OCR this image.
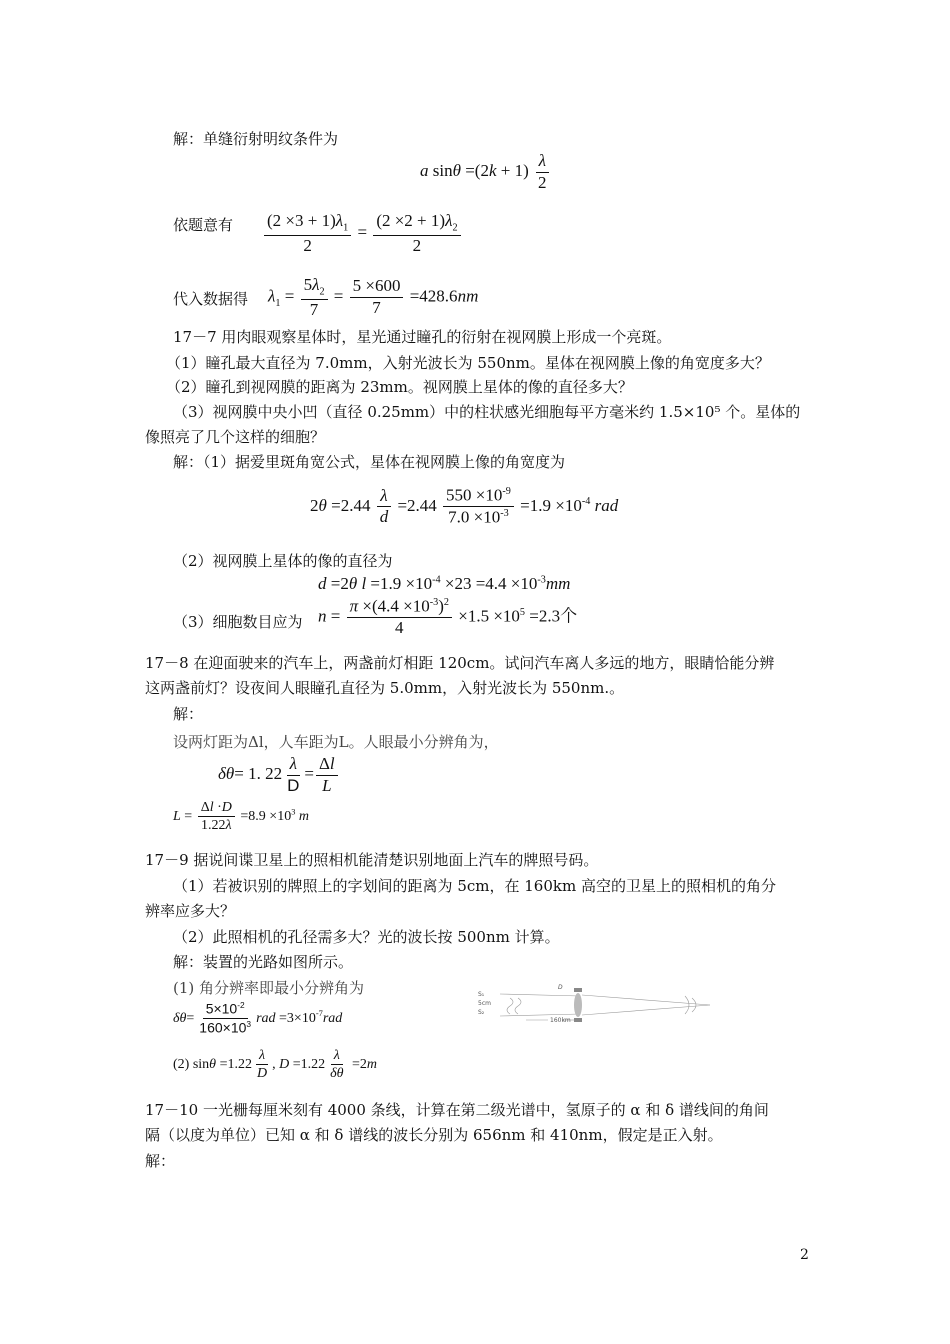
解：单缝衍射明纹条件为
a $\sin\theta =(2k + 1) \frac{\lambda}{2}$
依题意有 $\frac{(2 \times 3 + 1)\lambda_1}{2} = \frac{(2 \times 2 + 1)\lambda_2}{2}$
代入数据得 $\lambda_1 = \frac{5\lambda_2}{7} = \frac{5 \times 600}{7} =428.6nm$
17－7 用肉眼观察星体时，星光通过瞳孔的衍射在视网膜上形成一个亮斑。
（1）瞳孔最大直径为 7.0mm，入射光波长为 550nm。星体在视网膜上像的角宽度多大？
（2）瞳孔到视网膜的距离为 23mm。视网膜上星体的像的直径多大？
（3）视网膜中央小凹（直径 0.25mm）中的柱状感光细胞每平方毫米约 1.5×10⁵ 个。星体的
像照亮了几个这样的细胞？
解：（1）据爱里斑角宽公式，星体在视网膜上像的角宽度为
$2\theta =2.44 \frac{\lambda}{d} =2.44 \frac{550 \times 10^{-9}}{7.0 \times 10^{-3}} =1.9 \times 10^{-4}$ rad
（2）视网膜上星体的像的直径为
d =2θ $l =1.9 \times 10^{-4} \times 23 =4.4 \times 10^{-3}mm$
（3）细胞数目应为 $n = \frac{\pi \times(4.4 \times 10^{-3})^2}{4} \times 1.5 \times 10^5 =2.3$个
17－8 在迎面驶来的汽车上，两盏前灯相距 120cm。试问汽车离人多远的地方，眼睛恰能分辨
这两盏前灯？设夜间人眼瞳孔直径为 5.0mm，入射光波长为 550nm.。
解：
设两灯距为Δl，人车距为L。人眼最小分辨角为，
δθ= 1. $22 \frac{\lambda}{D} = \frac{\Delta l}{L}$
$L = \frac{\Delta l \cdot D}{1.22\lambda} =8.9 \times 10^3$ m
17－9 据说间谍卫星上的照相机能清楚识别地面上汽车的牌照号码。
（1）若被识别的牌照上的字划间的距离为 5cm，在 160km 高空的卫星上的照相机的角分
辨率应多大？
（2）此照相机的孔径需多大？光的波长按 500nm 计算。
解：装置的光路如图所示。
(1) 角分辨率即最小分辨角为
$\delta\theta= \frac{5\times 10^{-2}}{160\times 10^3}$ rad $=3\times 10^{-7}rad$
(2) $\sin\theta =1.22 \frac{\lambda}{D}$ , $D =1.22 \frac{\lambda}{\delta\theta} =2m$
S₁
5cm
S₂
160km
D
17－10 一光栅每厘米刻有 4000 条线，计算在第二级光谱中，氢原子的 α 和 δ 谱线间的角间
隔（以度为单位）已知 α 和 δ 谱线的波长分别为 656nm 和 410nm，假定是正入射。
解：
2
